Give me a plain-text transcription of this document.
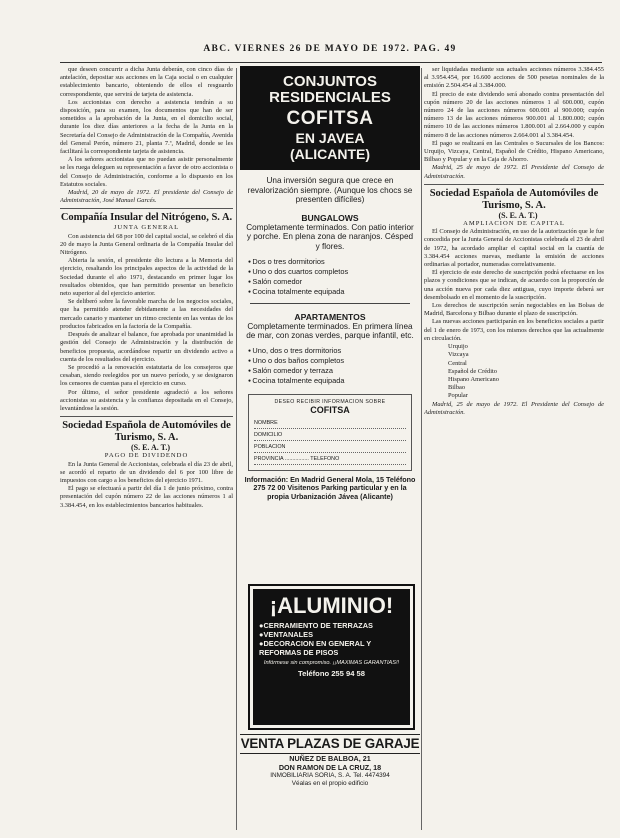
ABC. VIERNES 26 DE MAYO DE 1972. PAG. 49

que deseen concurrir a dicha Junta deberán, con cinco días de antelación, depositar sus acciones en la Caja social o en cualquier establecimiento bancario, obteniendo de ellos el resguardo correspondiente, que servirá de tarjeta de asistencia.

Los accionistas con derecho a asistencia tendrán a su disposición, para su examen, los documentos que han de ser sometidos a la aprobación de la Junta, en el domicilio social, durante los diez días anteriores a la fecha de la Junta en la Secretaría del Consejo de Administración de la Compañía, Avenida del General Perón, número 21, planta 7.ª, Madrid, donde se les facilitará la correspondiente tarjeta de asistencia.

A los señores accionistas que no puedan asistir personalmente se les ruega deleguen su representación a favor de otro accionista o del Consejo de Administración, conforme a lo dispuesto en los Estatutos sociales.

Madrid, 20 de mayo de 1972. El presidente del Consejo de Administración, José Manuel Garcés.

Compañía Insular del Nitrógeno, S. A.

JUNTA GENERAL

Con asistencia del 68 por 100 del capital social, se celebró el día 20 de mayo la Junta General ordinaria de la Compañía Insular del Nitrógeno.

Abierta la sesión, el presidente dio lectura a la Memoria del ejercicio, resaltando los principales aspectos de la actividad de la Sociedad durante el año 1971, destacando en primer lugar los resultados obtenidos, que han permitido presentar un beneficio neto superior al del ejercicio anterior.

Se deliberó sobre la favorable marcha de los negocios sociales, que ha permitido atender debidamente a las necesidades del mercado canario y mantener un ritmo creciente en las ventas de los productos fabricados en la factoría de la Compañía.

Después de analizar el balance, fue aprobada por unanimidad la gestión del Consejo de Administración y la distribución de beneficios propuesta, acordándose repartir un dividendo activo a cuenta de los resultados del ejercicio.

Se procedió a la renovación estatutaria de los consejeros que cesaban, siendo reelegidos por un nuevo período, y se designaron los censores de cuentas para el ejercicio en curso.

Por último, el señor presidente agradeció a los señores accionistas su asistencia y la confianza depositada en el Consejo, levantándose la sesión.

Sociedad Española de Automóviles de Turismo, S. A.

(S. E. A. T.)

PAGO DE DIVIDENDO

En la Junta General de Accionistas, celebrada el día 23 de abril, se acordó el reparto de un dividendo del 6 por 100 libre de impuestos con cargo a los beneficios del ejercicio 1971.

El pago se efectuará a partir del día 1 de junio próximo, contra presentación del cupón número 22 de las acciones números 1 al 3.384.454, en los establecimientos bancarios habituales.

CONJUNTOS
RESIDENCIALES
COFITSA
EN JAVEA
(ALICANTE)
Una inversión segura que crece en revalorización siempre. (Aunque los chocs se presenten difíciles)
BUNGALOWS
Completamente terminados. Con patio interior y porche. En plena zona de naranjos. Césped y flores.
● Dos o tres dormitorios
● Uno o dos cuartos completos
● Salón comedor
● Cocina totalmente equipada
APARTAMENTOS
Completamente terminados. En primera línea de mar, con zonas verdes, parque infantil, etc.
● Uno, dos o tres dormitorios
● Uno o dos baños completos
● Salón comedor y terraza
● Cocina totalmente equipada
DESEO RECIBIR INFORMACION SOBRE
COFITSA
NOMBRE
DOMICILIO
POBLACION
PROVINCIA ................ TELEFONO
Información: En Madrid General Mola, 15 Teléfono 275 72 00 Visitenos Parking particular y en la propia Urbanización Jávea (Alicante)
¡ALUMINIO!
● CERRAMIENTO DE TERRAZAS
● VENTANALES
● DECORACION EN GENERAL Y REFORMAS DE PISOS
Infórmese sin compromiso. ¡¡MAXIMAS GARANTIAS!!
Teléfono 255 94 58
VENTA PLAZAS DE GARAJE
NUÑEZ DE BALBOA, 21
DON RAMON DE LA CRUZ, 18
INMOBILIARIA SORIA, S. A. Tel. 4474394
Véalas en el propio edificio

ser liquidadas mediante sus actuales acciones números 3.384.455 al 3.954.454, por 16.600 acciones de 500 pesetas nominales de la emisión 2.504.454 al 3.384.000.

El precio de este dividendo será abonado contra presentación del cupón número 20 de las acciones números 1 al 600.000, cupón número 24 de las acciones números 600.001 al 900.000; cupón número 13 de las acciones números 900.001 al 1.800.000; cupón número 10 de las acciones números 1.800.001 al 2.664.000 y cupón número 8 de las acciones números 2.664.001 al 3.384.454.

El pago se realizará en las Centrales o Sucursales de los Bancos: Urquijo, Vizcaya, Central, Español de Crédito, Hispano Americano, Bilbao y Popular y en la Caja de Ahorro.

Madrid, 25 de mayo de 1972. El Presidente del Consejo de Administración.

Sociedad Española de Automóviles de Turismo, S. A.

(S. E. A. T.)

AMPLIACION DE CAPITAL

El Consejo de Administración, en uso de la autorización que le fue concedida por la Junta General de Accionistas celebrada el 23 de abril de 1972, ha acordado ampliar el capital social en la cuantía de 3.384.454 acciones nuevas, mediante la emisión de acciones ordinarias al portador, numeradas correlativamente.

El ejercicio de este derecho de suscripción podrá efectuarse en los plazos y condiciones que se indican, de acuerdo con la proporción de una acción nueva por cada diez antiguas, cuyo importe deberá ser desembolsado en el momento de la suscripción.

Los derechos de suscripción serán negociables en las Bolsas de Madrid, Barcelona y Bilbao durante el plazo de suscripción.

Las nuevas acciones participarán en los beneficios sociales a partir del 1 de enero de 1973, con los mismos derechos que las actualmente en circulación.

Urquijo

Vizcaya

Central

Español de Crédito

Hispano Americano

Bilbao

Popular

Madrid, 25 de mayo de 1972. El Presidente del Consejo de Administración.
